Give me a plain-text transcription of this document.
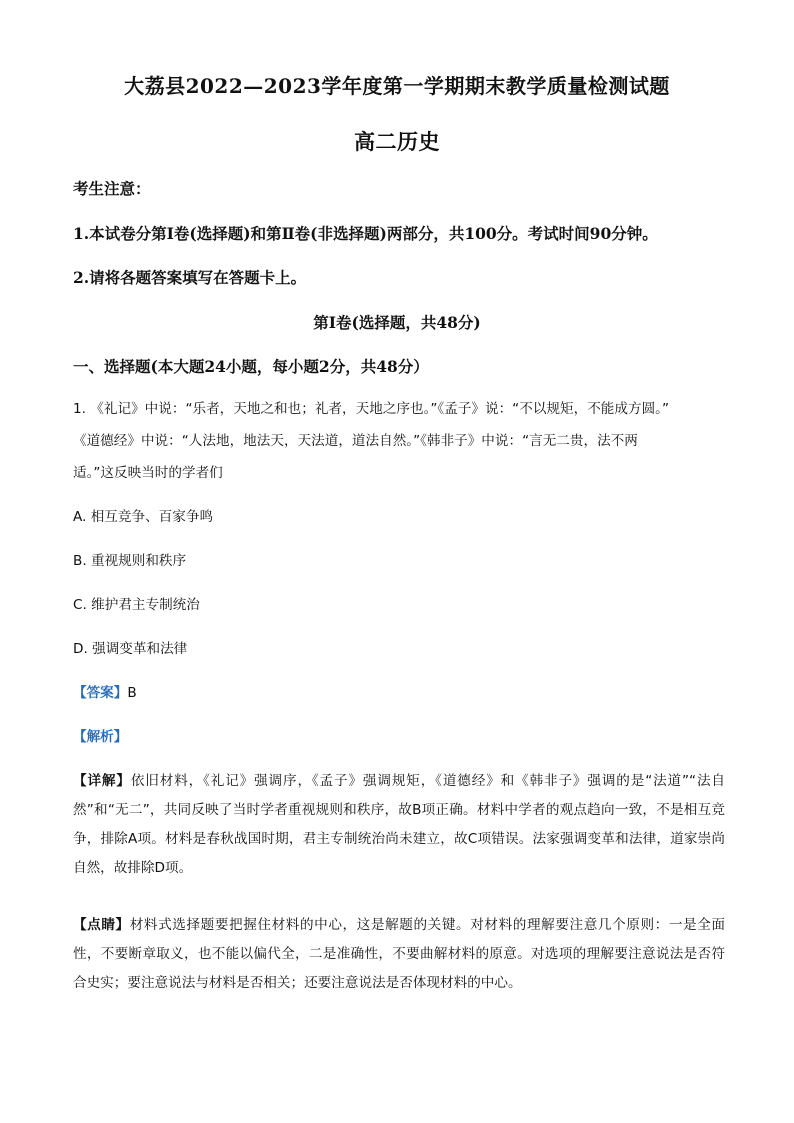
大荔县2022—2023学年度第一学期期末教学质量检测试题
高二历史
考生注意：
1.本试卷分第Ⅰ卷(选择题)和第Ⅱ卷(非选择题)两部分，共100分。考试时间90分钟。
2.请将各题答案填写在答题卡上。
第Ⅰ卷(选择题，共48分)
一、选择题(本大题24小题，每小题2分，共48分）
1. 《礼记》中说：“乐者，天地之和也；礼者，天地之序也。”《孟子》说：“不以规矩，不能成方圆。”
《道德经》中说：“人法地，地法天，天法道，道法自然。”《韩非子》中说：“言无二贵，法不两
适。”这反映当时的学者们
A. 相互竞争、百家争鸣
B. 重视规则和秩序
C. 维护君主专制统治
D. 强调变革和法律
【答案】B
【解析】
【详解】依旧材料，《礼记》强调序，《孟子》强调规矩，《道德经》和《韩非子》强调的是“法道”“法自然”和“无二”，共同反映了当时学者重视规则和秩序，故B项正确。材料中学者的观点趋向一致，不是相互竞争，排除A项。材料是春秋战国时期，君主专制统治尚未建立，故C项错误。法家强调变革和法律，道家崇尚自然，故排除D项。
【点睛】材料式选择题要把握住材料的中心，这是解题的关键。对材料的理解要注意几个原则：一是全面性，不要断章取义，也不能以偏代全，二是准确性，不要曲解材料的原意。对选项的理解要注意说法是否符合史实；要注意说法与材料是否相关；还要注意说法是否体现材料的中心。
